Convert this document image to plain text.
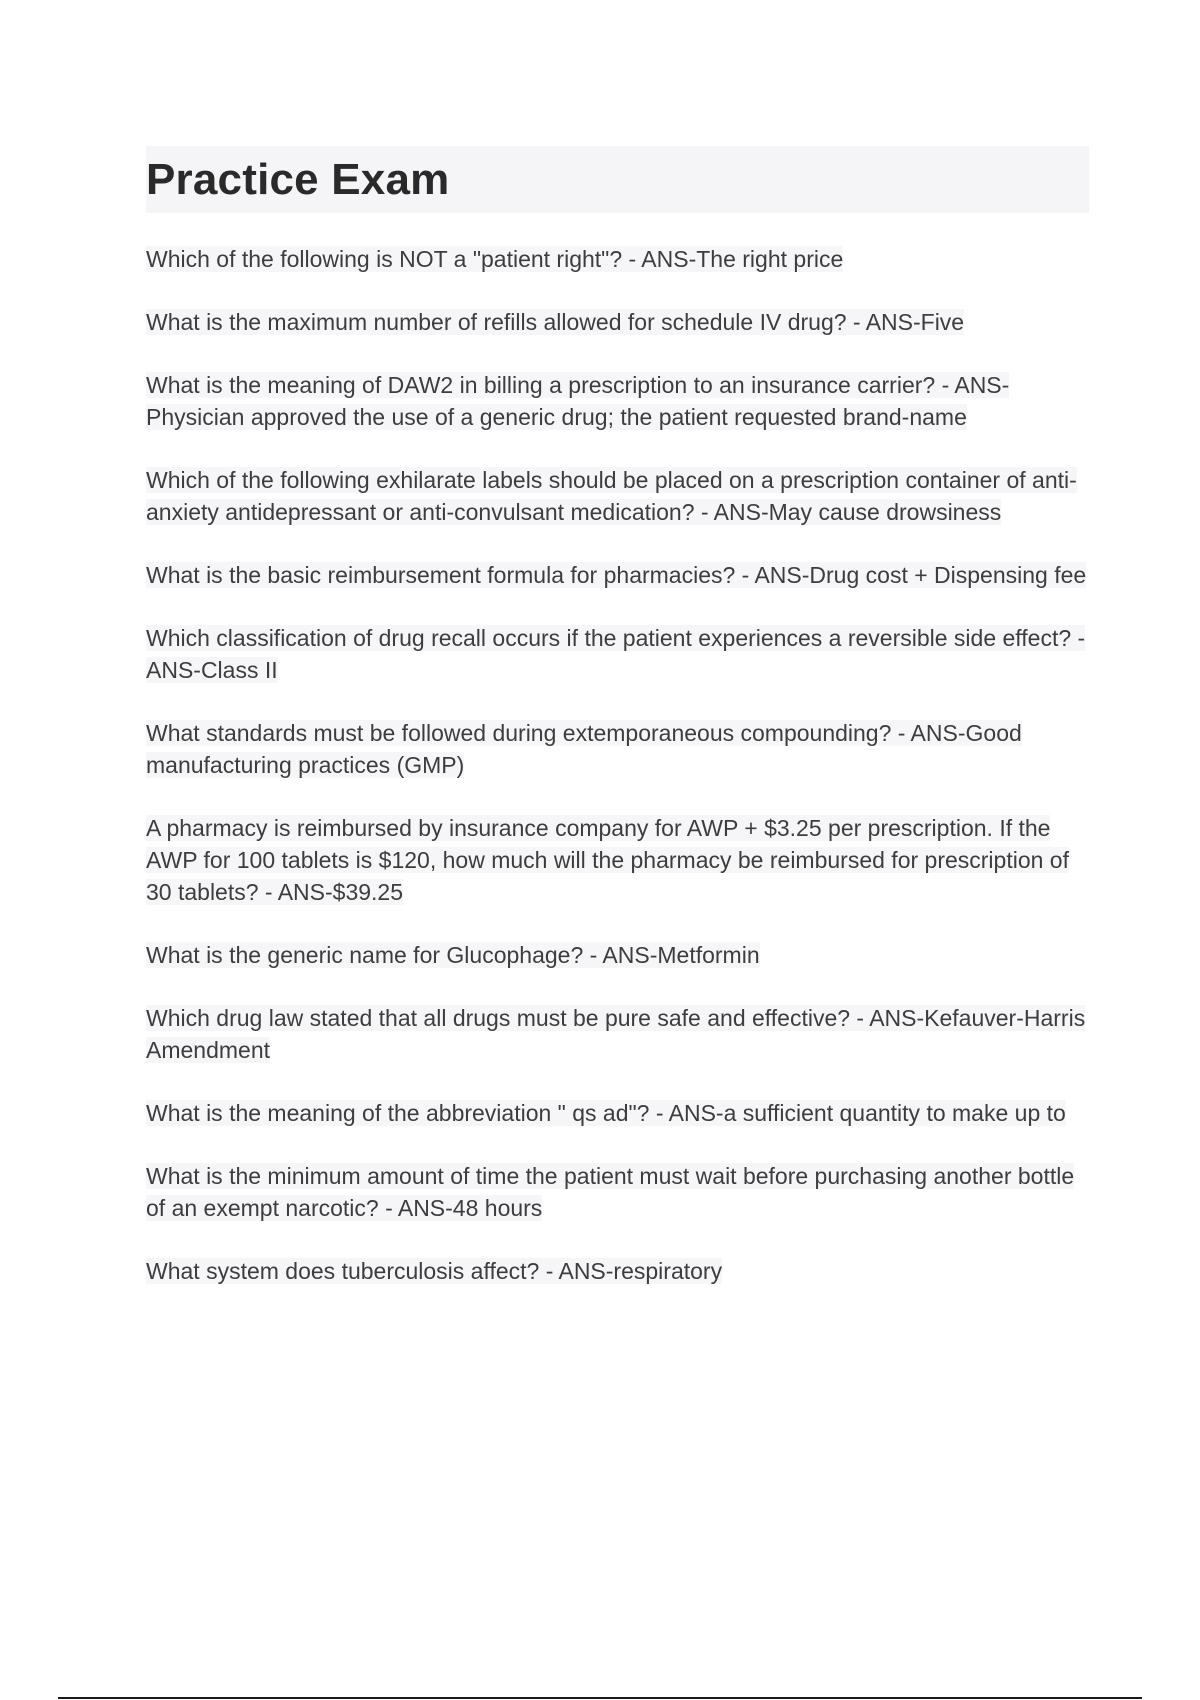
Practice Exam

Which of the following is NOT a "patient right"? - ANS-The right price

What is the maximum number of refills allowed for schedule IV drug? - ANS-Five

What is the meaning of DAW2 in billing a prescription to an insurance carrier? - ANS-Physician approved the use of a generic drug; the patient requested brand-name

Which of the following exhilarate labels should be placed on a prescription container of anti-anxiety antidepressant or anti-convulsant medication? - ANS-May cause drowsiness

What is the basic reimbursement formula for pharmacies? - ANS-Drug cost + Dispensing fee

Which classification of drug recall occurs if the patient experiences a reversible side effect? - ANS-Class II

What standards must be followed during extemporaneous compounding? - ANS-Good manufacturing practices (GMP)

A pharmacy is reimbursed by insurance company for AWP + $3.25 per prescription. If the AWP for 100 tablets is $120, how much will the pharmacy be reimbursed for prescription of 30 tablets? - ANS-$39.25

What is the generic name for Glucophage? - ANS-Metformin

Which drug law stated that all drugs must be pure safe and effective? - ANS-Kefauver-Harris Amendment

What is the meaning of the abbreviation " qs ad"? - ANS-a sufficient quantity to make up to

What is the minimum amount of time the patient must wait before purchasing another bottle of an exempt narcotic? - ANS-48 hours

What system does tuberculosis affect? - ANS-respiratory
